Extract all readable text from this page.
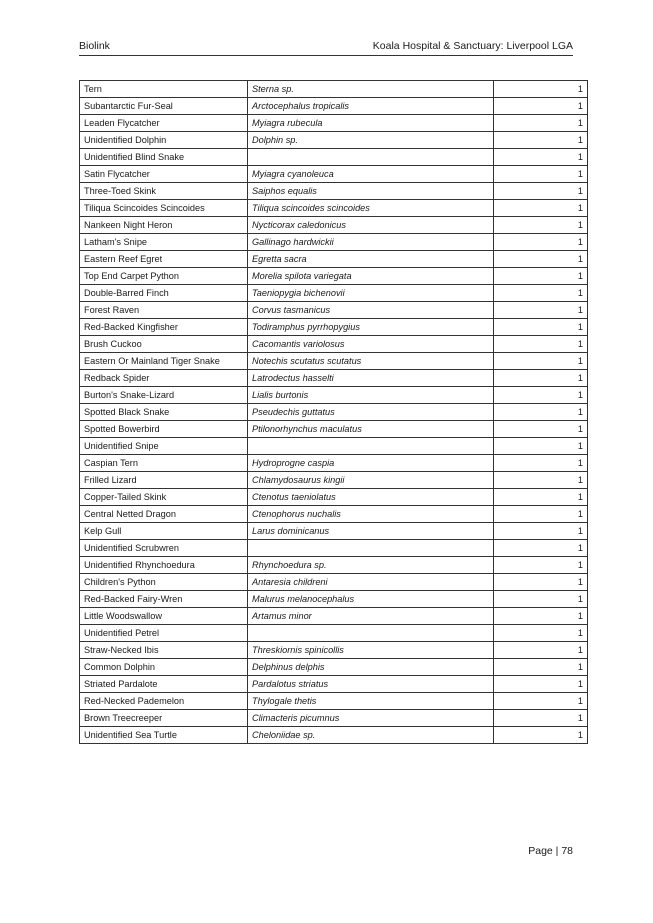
Biolink	Koala Hospital & Sanctuary: Liverpool LGA
Tern	Sterna sp.	1	
Subantarctic Fur-Seal	Arctocephalus tropicalis	1	
Leaden Flycatcher	Myiagra rubecula	1	
Unidentified Dolphin	Dolphin sp.	1	
Unidentified Blind Snake		1	
Satin Flycatcher	Myiagra cyanoleuca	1	
Three-Toed Skink	Saiphos equalis	1	
Tiliqua Scincoides Scincoides	Tiliqua scincoides scincoides	1	
Nankeen Night Heron	Nycticorax caledonicus	1	
Latham's Snipe	Gallinago hardwickii	1	
Eastern Reef Egret	Egretta sacra	1	
Top End Carpet Python	Morelia spilota variegata	1	
Double-Barred Finch	Taeniopygia bichenovii	1	
Forest Raven	Corvus tasmanicus	1	
Red-Backed Kingfisher	Todiramphus pyrrhopygius	1	
Brush Cuckoo	Cacomantis variolosus	1	
Eastern Or Mainland Tiger Snake	Notechis scutatus scutatus	1	
Redback Spider	Latrodectus hasselti	1	
Burton's Snake-Lizard	Lialis burtonis	1	
Spotted Black Snake	Pseudechis guttatus	1	
Spotted Bowerbird	Ptilonorhynchus maculatus	1	
Unidentified Snipe		1	
Caspian Tern	Hydroprogne caspia	1	
Frilled Lizard	Chlamydosaurus kingii	1	
Copper-Tailed Skink	Ctenotus taeniolatus	1	
Central Netted Dragon	Ctenophorus nuchalis	1	
Kelp Gull	Larus dominicanus	1	
Unidentified Scrubwren		1	
Unidentified Rhynchoedura	Rhynchoedura sp.	1	
Children's Python	Antaresia childreni	1	
Red-Backed Fairy-Wren	Malurus melanocephalus	1	
Little Woodswallow	Artamus minor	1	
Unidentified Petrel		1	
Straw-Necked Ibis	Threskiornis spinicollis	1	
Common Dolphin	Delphinus delphis	1	
Striated Pardalote	Pardalotus striatus	1	
Red-Necked Pademelon	Thylogale thetis	1	
Brown Treecreeper	Climacteris picumnus	1	
Unidentified Sea Turtle	Cheloniidae sp.	1	
Page | 78
